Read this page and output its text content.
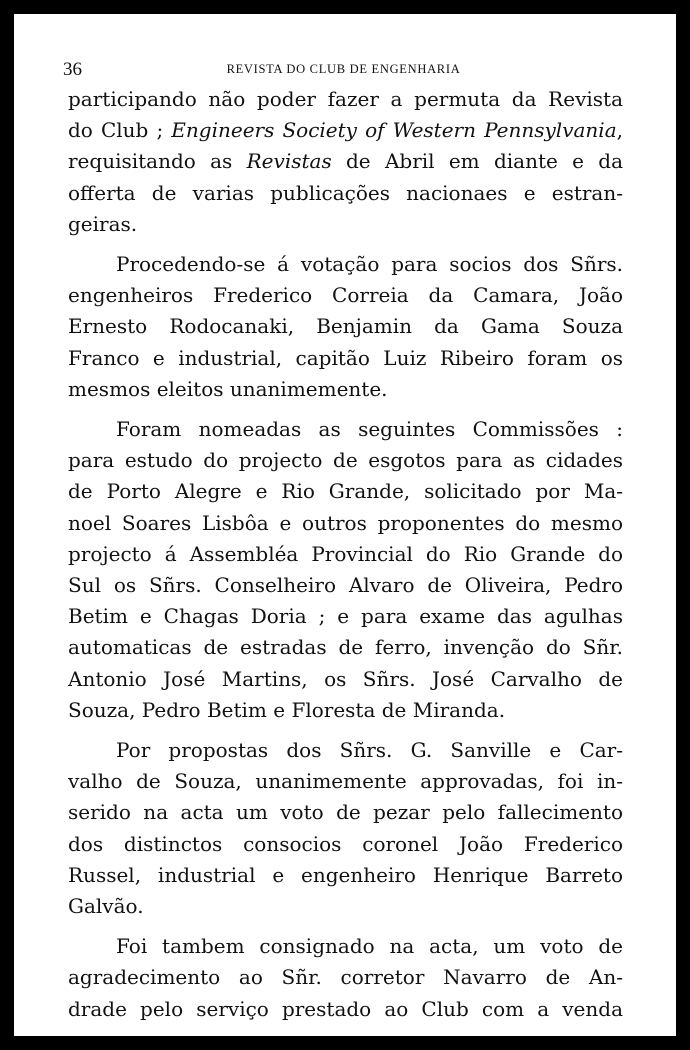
36	REVISTA DO CLUB DE ENGENHARIA

participando não poder fazer a permuta da Revista
do Club ; Engineers Society of Western Pennsylvania,
requisitando as Revistas de Abril em diante e da
offerta de varias publicações nacionaes e estran-
geiras.

Procedendo-se á votação para socios dos Sñrs.
engenheiros Frederico Correia da Camara, João
Ernesto Rodocanaki, Benjamin da Gama Souza
Franco e industrial, capitão Luiz Ribeiro foram os
mesmos eleitos unanimemente.

Foram nomeadas as seguintes Commissões :
para estudo do projecto de esgotos para as cidades
de Porto Alegre e Rio Grande, solicitado por Ma-
noel Soares Lisbôa e outros proponentes do mesmo
projecto á Assembléa Provincial do Rio Grande do
Sul os Sñrs. Conselheiro Alvaro de Oliveira, Pedro
Betim e Chagas Doria ; e para exame das agulhas
automaticas de estradas de ferro, invenção do Sñr.
Antonio José Martins, os Sñrs. José Carvalho de
Souza, Pedro Betim e Floresta de Miranda.

Por propostas dos Sñrs. G. Sanville e Car-
valho de Souza, unanimemente approvadas, foi in-
serido na acta um voto de pezar pelo fallecimento
dos distinctos consocios coronel João Frederico
Russel, industrial e engenheiro Henrique Barreto
Galvão.

Foi tambem consignado na acta, um voto de
agradecimento ao Sñr. corretor Navarro de An-
drade pelo serviço prestado ao Club com a venda
